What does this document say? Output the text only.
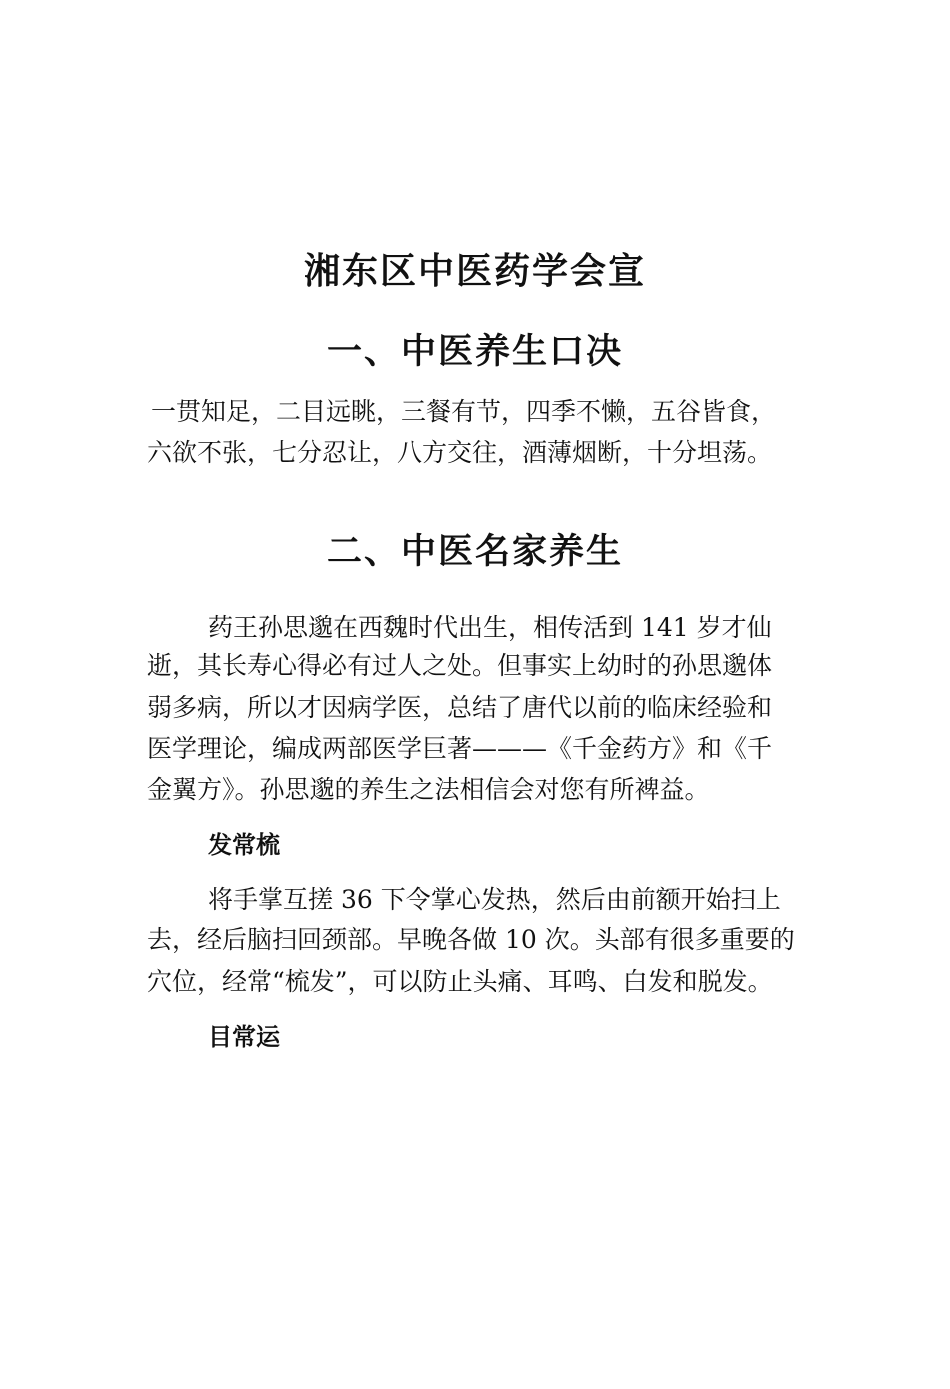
湘东区中医药学会宣
一、中医养生口决

一贯知足，二目远眺，三餐有节，四季不懒，五谷皆食，

六欲不张，七分忍让，八方交往，酒薄烟断，十分坦荡。

二、中医名家养生

药王孙思邈在西魏时代出生，相传活到 141 岁才仙

逝，其长寿心得必有过人之处。但事实上幼时的孙思邈体

弱多病，所以才因病学医，总结了唐代以前的临床经验和

医学理论，编成两部医学巨著———《千金药方》和《千

金翼方》。孙思邈的养生之法相信会对您有所裨益。

发常梳

将手掌互搓 36 下令掌心发热，然后由前额开始扫上

去，经后脑扫回颈部。早晚各做 10 次。头部有很多重要的

穴位，经常“梳发”，可以防止头痛、耳鸣、白发和脱发。

目常运
